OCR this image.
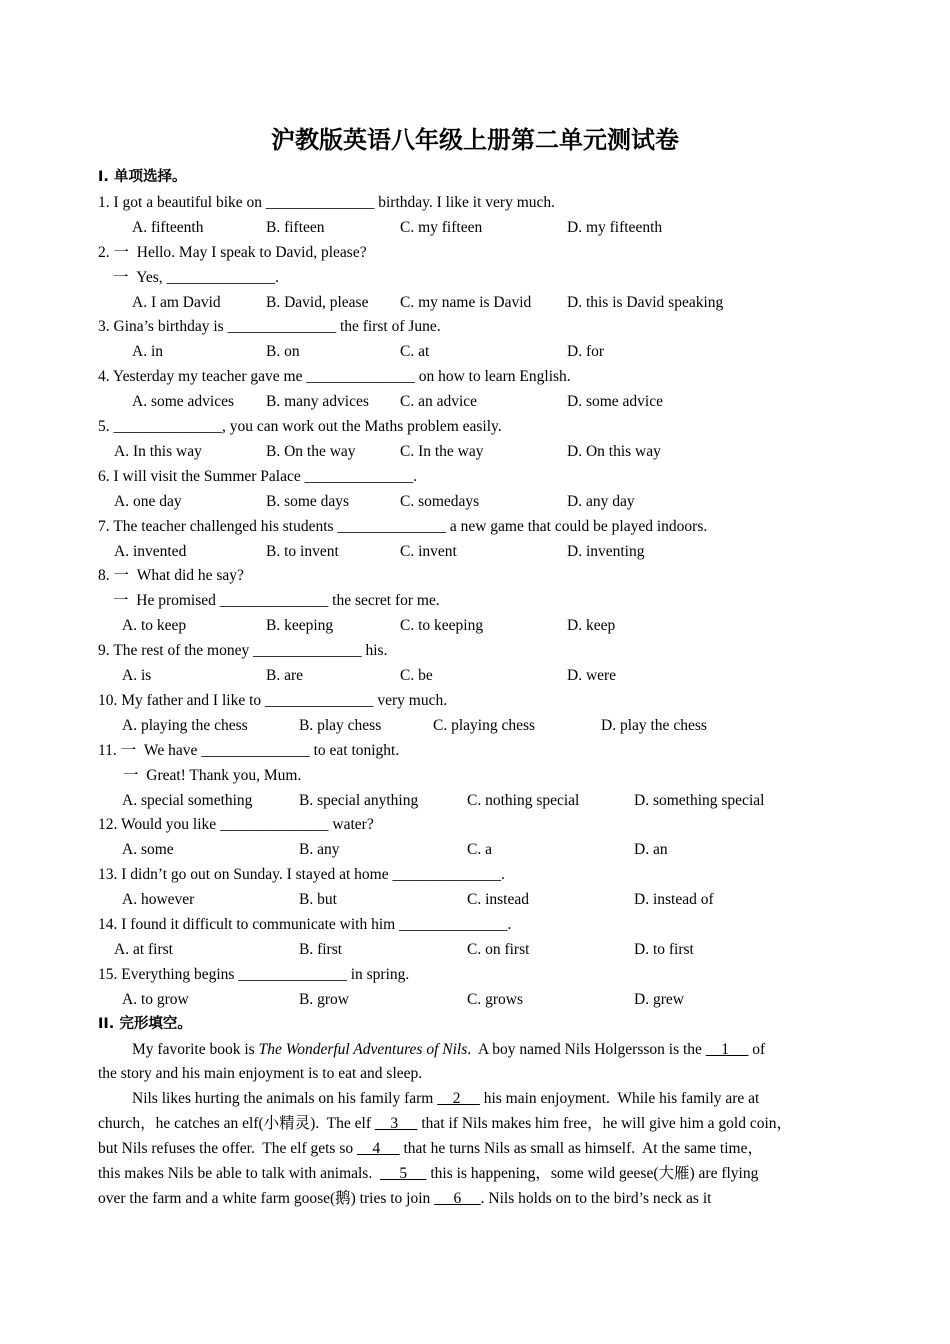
沪教版英语八年级上册第二单元测试卷
I. 单项选择。
1. I got a beautiful bike on ______________ birthday. I like it very much.
A. fifteenth	B. fifteen	C. my fifteen	D. my fifteenth
2. 一  Hello. May I speak to David, please?
一  Yes, ______________.
A. I am David	B. David, please C. my name is David D. this is David speaking
3. Gina’s birthday is ______________ the first of June.
A. in	B. on	C. at	D. for
4. Yesterday my teacher gave me ______________ on how to learn English.
A. some advices B. many advices C. an advice	D. some advice
5. ______________, you can work out the Maths problem easily.
A. In this way	B. On the way	C. In the way	D. On this way
6. I will visit the Summer Palace ______________.
A. one day	B. some days	C. somedays	D. any day
7. The teacher challenged his students ______________ a new game that could be played indoors.
A. invented	B. to invent	C. invent	D. inventing
8. 一  What did he say?
一  He promised ______________ the secret for me.
A. to keep	B. keeping	C. to keeping	D. keep
9. The rest of the money ______________ his.
A. is	B. are	C. be	D. were
10. My father and I like to ______________ very much.
A. playing the chess	B. play chess	C. playing chess	D. play the chess
11. 一  We have ______________ to eat tonight.
一  Great! Thank you, Mum.
A. special something	B. special anything	C. nothing special	D. something special
12. Would you like ______________ water?
A. some	B. any	C. a	D. an
13. I didn’t go out on Sunday. I stayed at home ______________.
A. however	B. but	C. instead	D. instead of
14. I found it difficult to communicate with him ______________.
A. at first	B. first	C. on first	D. to first
15. Everything begins ______________ in spring.
A. to grow	B. grow	C. grows	D. grew
II. 完形填空。
My favorite book is The Wonderful Adventures of Nils.  A boy named Nils Holgersson is the     1      of
the story and his main enjoyment is to eat and sleep.
Nils likes hurting the animals on his family farm     2      his main enjoyment.  While his family are at
church，he catches an elf(小精灵).  The elf     3      that if Nils makes him free，he will give him a gold coin，
but Nils refuses the offer.  The elf gets so     4      that he turns Nils as small as himself.  At the same time，
this makes Nils be able to talk with animals.       5      this is happening，some wild geese(大雁) are flying
over the farm and a white farm goose(鹅) tries to join      6     . Nils holds on to the bird’s neck as it
